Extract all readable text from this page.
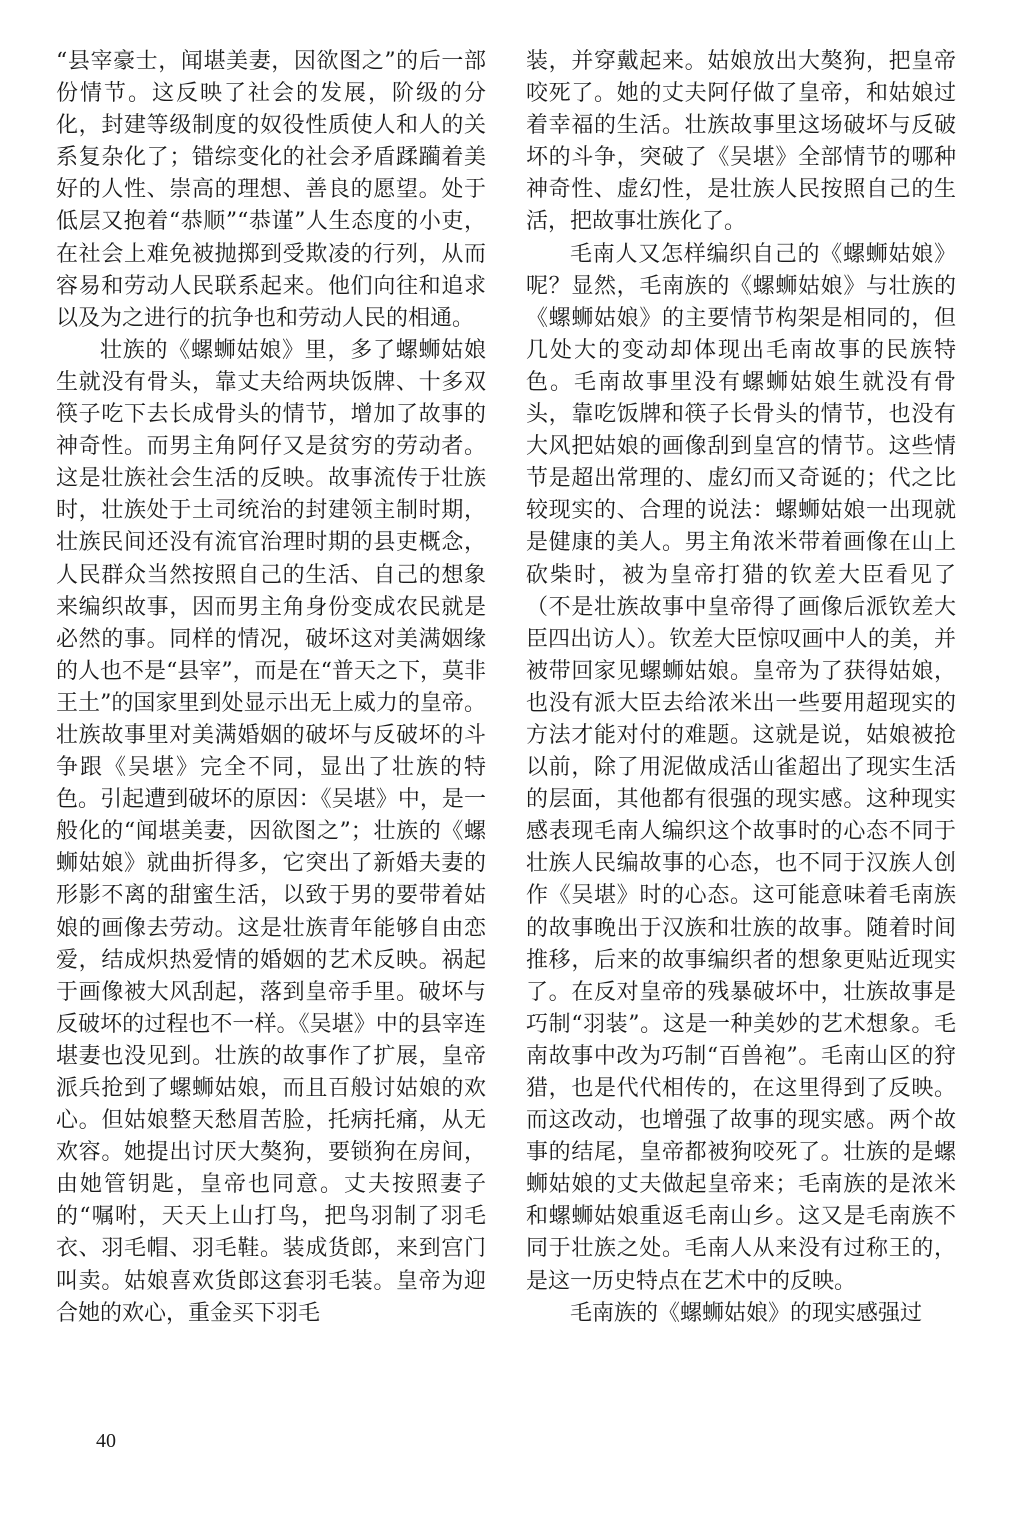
“县宰豪士，闻堪美妻，因欲图之”的后一部份情节。这反映了社会的发展，阶级的分化，封建等级制度的奴役性质使人和人的关系复杂化了；错综变化的社会矛盾蹂躏着美好的人性、崇高的理想、善良的愿望。处于低层又抱着“恭顺”“恭谨”人生态度的小吏，在社会上难免被抛掷到受欺凌的行列，从而容易和劳动人民联系起来。他们向往和追求以及为之进行的抗争也和劳动人民的相通。

壮族的《螺蛳姑娘》里，多了螺蛳姑娘生就没有骨头，靠丈夫给两块饭牌、十多双筷子吃下去长成骨头的情节，增加了故事的神奇性。而男主角阿仔又是贫穷的劳动者。这是壮族社会生活的反映。故事流传于壮族时，壮族处于土司统治的封建领主制时期，壮族民间还没有流官治理时期的县吏概念，人民群众当然按照自己的生活、自己的想象来编织故事，因而男主角身份变成农民就是必然的事。同样的情况，破坏这对美满姻缘的人也不是“县宰”，而是在“普天之下，莫非王土”的国家里到处显示出无上威力的皇帝。壮族故事里对美满婚姻的破坏与反破坏的斗争跟《吴堪》完全不同，显出了壮族的特色。引起遭到破坏的原因：《吴堪》中，是一般化的“闻堪美妻，因欲图之”；壮族的《螺蛳姑娘》就曲折得多，它突出了新婚夫妻的形影不离的甜蜜生活，以致于男的要带着姑娘的画像去劳动。这是壮族青年能够自由恋爱，结成炽热爱情的婚姻的艺术反映。祸起于画像被大风刮起，落到皇帝手里。破坏与反破坏的过程也不一样。《吴堪》中的县宰连堪妻也没见到。壮族的故事作了扩展，皇帝派兵抢到了螺蛳姑娘，而且百般讨姑娘的欢心。但姑娘整天愁眉苦脸，托病托痛，从无欢容。她提出讨厌大獒狗，要锁狗在房间，由她管钥匙，皇帝也同意。丈夫按照妻子的“嘱咐，天天上山打鸟，把鸟羽制了羽毛衣、羽毛帽、羽毛鞋。装成货郎，来到宫门叫卖。姑娘喜欢货郎这套羽毛装。皇帝为迎合她的欢心，重金买下羽毛

装，并穿戴起来。姑娘放出大獒狗，把皇帝咬死了。她的丈夫阿仔做了皇帝，和姑娘过着幸福的生活。壮族故事里这场破坏与反破坏的斗争，突破了《吴堪》全部情节的哪种神奇性、虚幻性，是壮族人民按照自己的生活，把故事壮族化了。

毛南人又怎样编织自己的《螺蛳姑娘》呢？显然，毛南族的《螺蛳姑娘》与壮族的《螺蛳姑娘》的主要情节构架是相同的，但几处大的变动却体现出毛南故事的民族特色。毛南故事里没有螺蛳姑娘生就没有骨头，靠吃饭牌和筷子长骨头的情节，也没有大风把姑娘的画像刮到皇宫的情节。这些情节是超出常理的、虚幻而又奇诞的；代之比较现实的、合理的说法：螺蛳姑娘一出现就是健康的美人。男主角浓米带着画像在山上砍柴时，被为皇帝打猎的钦差大臣看见了（不是壮族故事中皇帝得了画像后派钦差大臣四出访人）。钦差大臣惊叹画中人的美，并被带回家见螺蛳姑娘。皇帝为了获得姑娘，也没有派大臣去给浓米出一些要用超现实的方法才能对付的难题。这就是说，姑娘被抢以前，除了用泥做成活山雀超出了现实生活的层面，其他都有很强的现实感。这种现实感表现毛南人编织这个故事时的心态不同于壮族人民编故事的心态，也不同于汉族人创作《吴堪》时的心态。这可能意味着毛南族的故事晚出于汉族和壮族的故事。随着时间推移，后来的故事编织者的想象更贴近现实了。在反对皇帝的残暴破坏中，壮族故事是巧制“羽装”。这是一种美妙的艺术想象。毛南故事中改为巧制“百兽袍”。毛南山区的狩猎，也是代代相传的，在这里得到了反映。而这改动，也增强了故事的现实感。两个故事的结尾，皇帝都被狗咬死了。壮族的是螺蛳姑娘的丈夫做起皇帝来；毛南族的是浓米和螺蛳姑娘重返毛南山乡。这又是毛南族不同于壮族之处。毛南人从来没有过称王的，是这一历史特点在艺术中的反映。

毛南族的《螺蛳姑娘》的现实感强过

40
